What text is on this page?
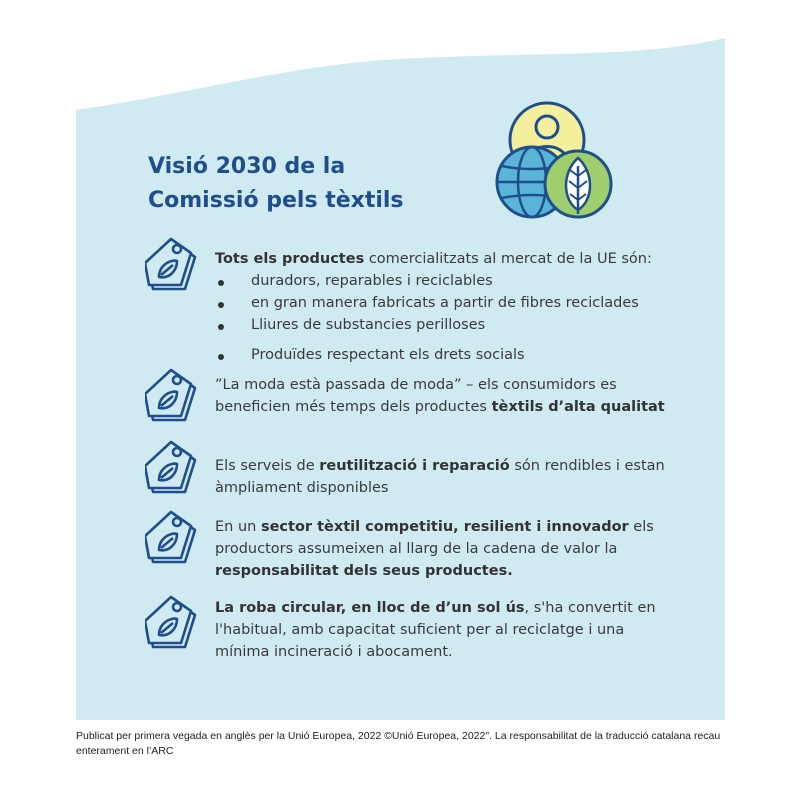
Visió 2030 de la
Comissió pels tèxtils
Tots els productes comercialitzats al mercat de la UE són:
duradors, reparables i reciclables
en gran manera fabricats a partir de fibres reciclades
Lliures de substancies perilloses
Produïdes respectant els drets socials
”La moda està passada de moda” – els consumidors es beneficien més temps dels productes tèxtils d’alta qualitat
Els serveis de reutilització i reparació són rendibles i estan àmpliament disponibles
En un sector tèxtil competitiu, resilient i innovador els productors assumeixen al llarg de la cadena de valor la responsabilitat dels seus productes.
La roba circular, en lloc de d’un sol ús, s'ha convertit en l'habitual, amb capacitat suficient per al reciclatge i una mínima incineració i abocament.
Publicat per primera vegada en anglès per la Unió Europea, 2022 ©Unió Europea, 2022". La responsabilitat de la traducció catalana recau enterament en l’ARC
